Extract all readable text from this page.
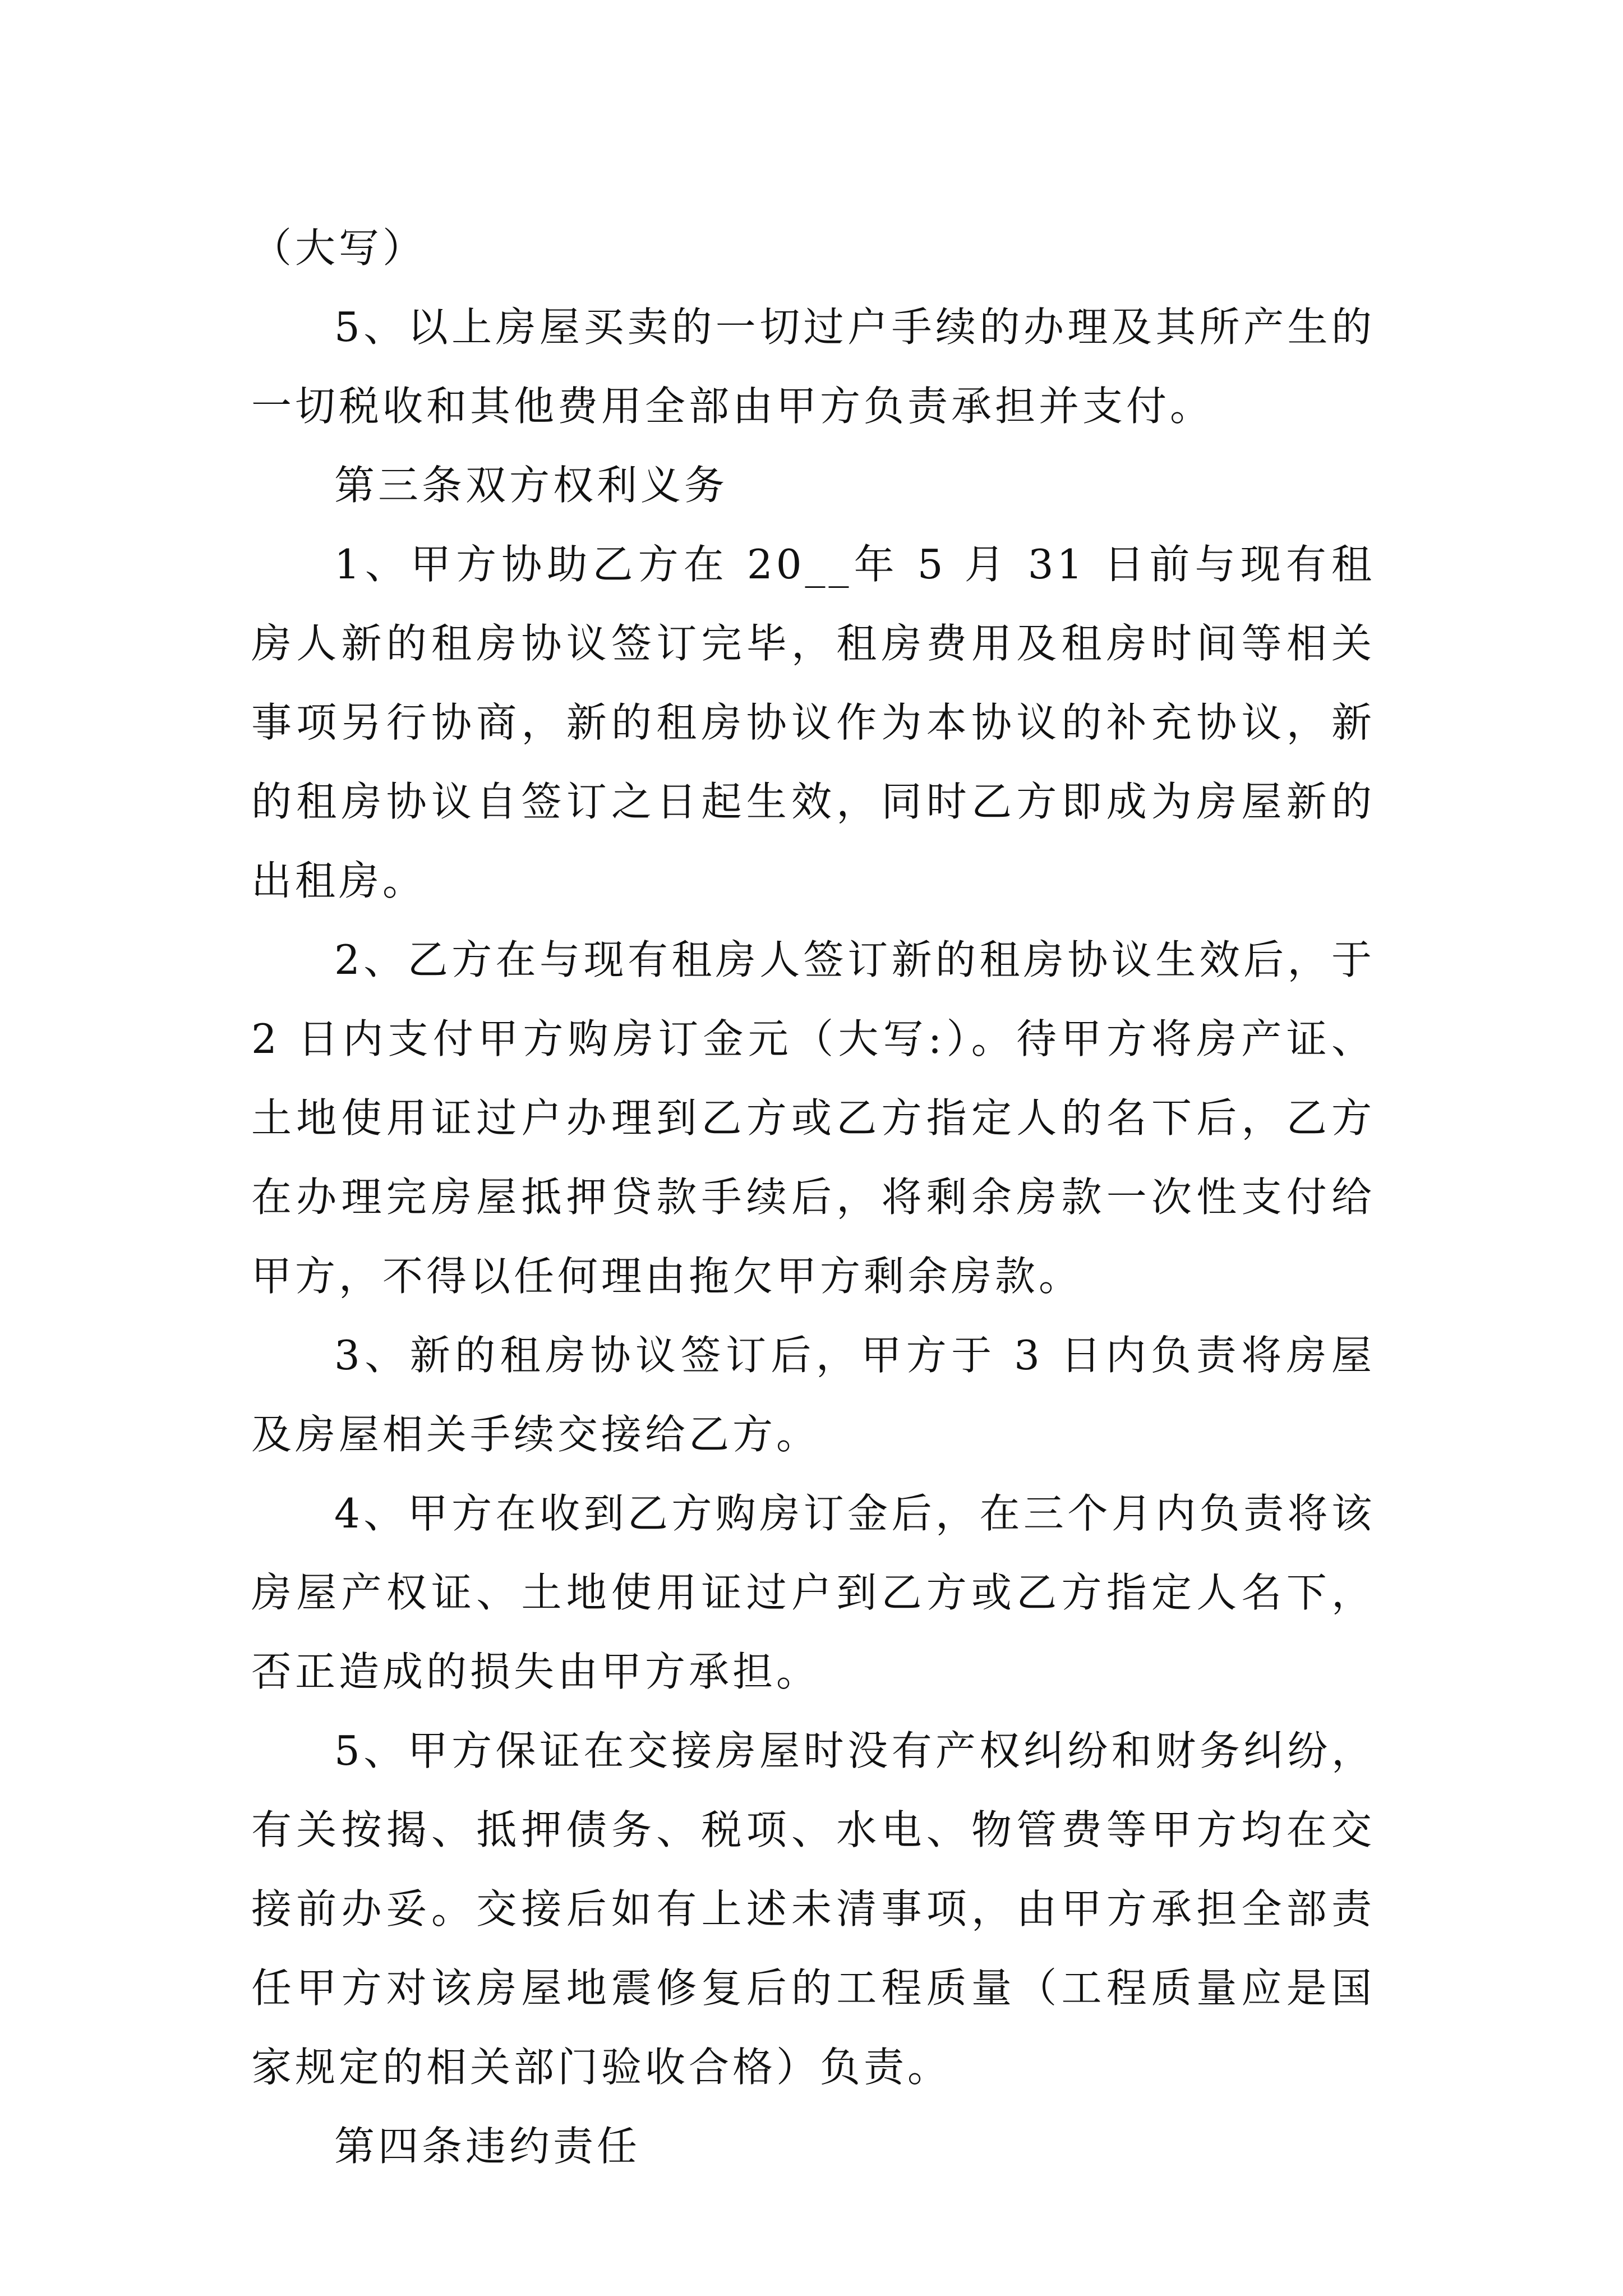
（大写）

5、以上房屋买卖的一切过户手续的办理及其所产生的一切税收和其他费用全部由甲方负责承担并支付。

第三条双方权利义务

1、甲方协助乙方在 20__年 5 月 31 日前与现有租房人新的租房协议签订完毕，租房费用及租房时间等相关事项另行协商，新的租房协议作为本协议的补充协议，新的租房协议自签订之日起生效，同时乙方即成为房屋新的出租房。

2、乙方在与现有租房人签订新的租房协议生效后，于 2 日内支付甲方购房订金元（大写:）。待甲方将房产证、土地使用证过户办理到乙方或乙方指定人的名下后，乙方在办理完房屋抵押贷款手续后，将剩余房款一次性支付给甲方，不得以任何理由拖欠甲方剩余房款。

3、新的租房协议签订后，甲方于 3 日内负责将房屋及房屋相关手续交接给乙方。

4、甲方在收到乙方购房订金后，在三个月内负责将该房屋产权证、土地使用证过户到乙方或乙方指定人名下，否正造成的损失由甲方承担。

5、甲方保证在交接房屋时没有产权纠纷和财务纠纷，有关按揭、抵押债务、税项、水电、物管费等甲方均在交接前办妥。交接后如有上述未清事项，由甲方承担全部责任甲方对该房屋地震修复后的工程质量（工程质量应是国家规定的相关部门验收合格）负责。

第四条违约责任
